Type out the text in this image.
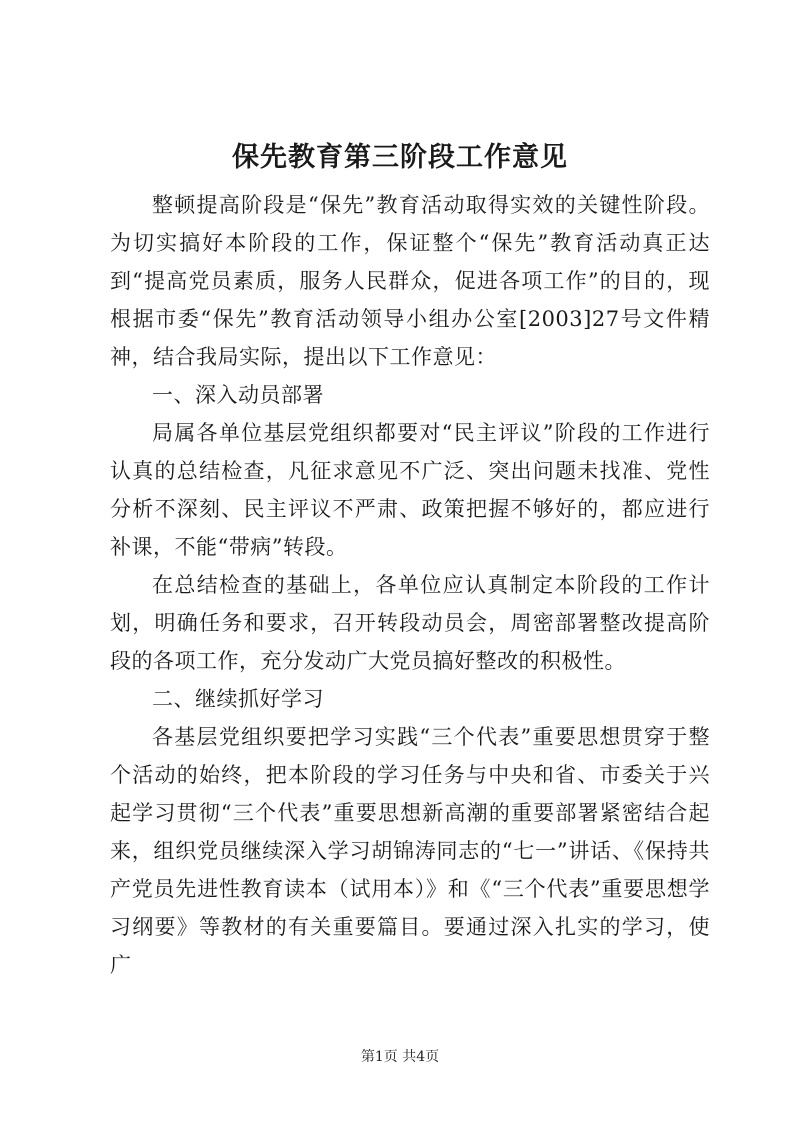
保先教育第三阶段工作意见

整顿提高阶段是“保先”教育活动取得实效的关键性阶段。为切实搞好本阶段的工作，保证整个“保先”教育活动真正达到“提高党员素质，服务人民群众，促进各项工作”的目的，现根据市委“保先”教育活动领导小组办公室[2003]27号文件精神，结合我局实际，提出以下工作意见：

一、深入动员部署

局属各单位基层党组织都要对“民主评议”阶段的工作进行认真的总结检查，凡征求意见不广泛、突出问题未找准、党性分析不深刻、民主评议不严肃、政策把握不够好的，都应进行补课，不能“带病”转段。

在总结检查的基础上，各单位应认真制定本阶段的工作计划，明确任务和要求，召开转段动员会，周密部署整改提高阶段的各项工作，充分发动广大党员搞好整改的积极性。

二、继续抓好学习

各基层党组织要把学习实践“三个代表”重要思想贯穿于整个活动的始终，把本阶段的学习任务与中央和省、市委关于兴起学习贯彻“三个代表”重要思想新高潮的重要部署紧密结合起来，组织党员继续深入学习胡锦涛同志的“七一”讲话、《保持共产党员先进性教育读本（试用本）》和《“三个代表”重要思想学习纲要》等教材的有关重要篇目。要通过深入扎实的学习，使广

第1页 共4页
